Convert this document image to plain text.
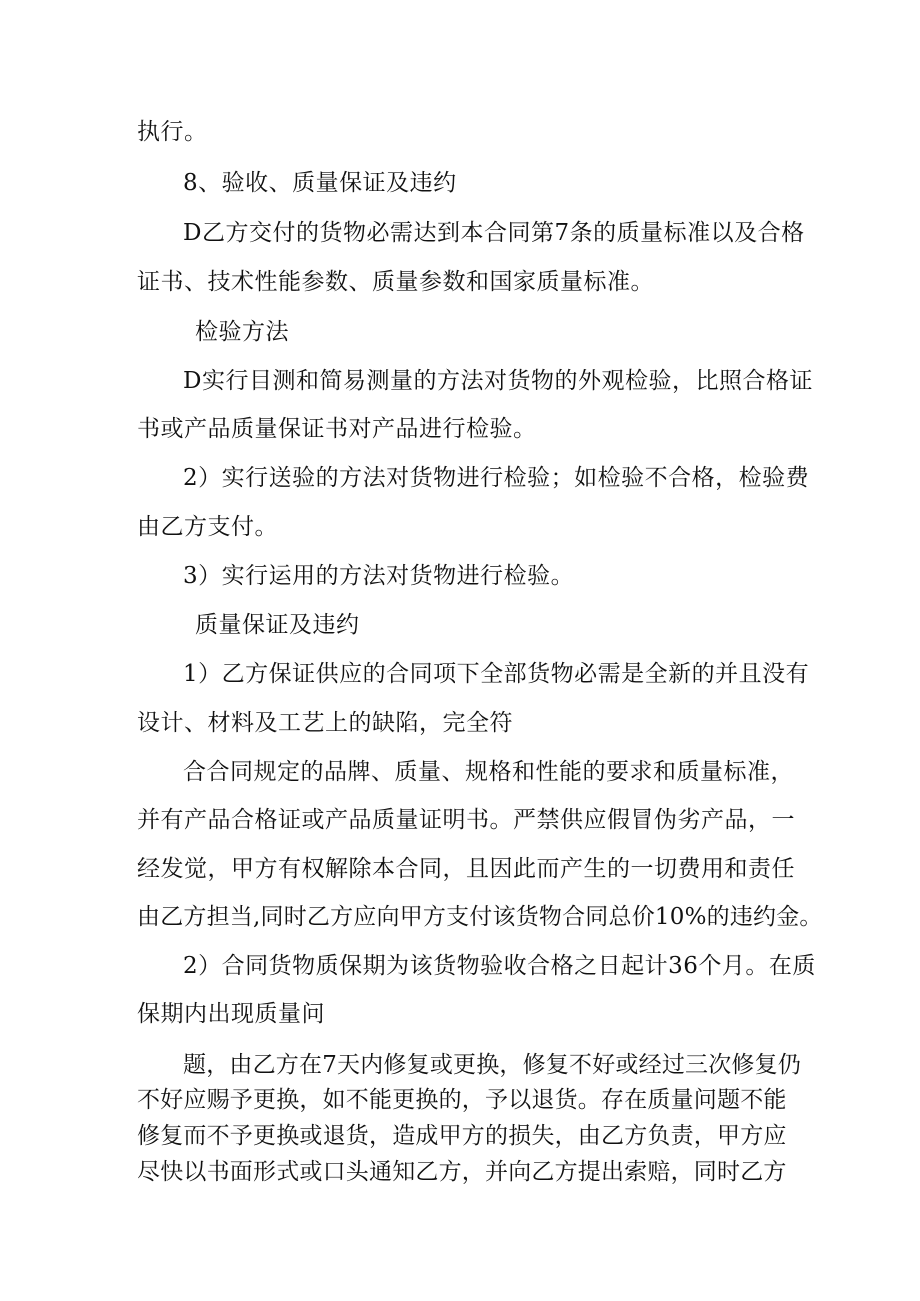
执行。
8、验收、质量保证及违约
D乙方交付的货物必需达到本合同第7条的质量标准以及合格
证书、技术性能参数、质量参数和国家质量标准。
检验方法
D实行目测和简易测量的方法对货物的外观检验，比照合格证
书或产品质量保证书对产品进行检验。
2）实行送验的方法对货物进行检验；如检验不合格，检验费
由乙方支付。
3）实行运用的方法对货物进行检验。
质量保证及违约
1）乙方保证供应的合同项下全部货物必需是全新的并且没有
设计、材料及工艺上的缺陷，完全符
合合同规定的品牌、质量、规格和性能的要求和质量标准，
并有产品合格证或产品质量证明书。严禁供应假冒伪劣产品，一
经发觉，甲方有权解除本合同，且因此而产生的一切费用和责任
由乙方担当,同时乙方应向甲方支付该货物合同总价10%的违约金。
2）合同货物质保期为该货物验收合格之日起计36个月。在质
保期内出现质量问
题，由乙方在7天内修复或更换，修复不好或经过三次修复仍
不好应赐予更换，如不能更换的，予以退货。存在质量问题不能
修复而不予更换或退货，造成甲方的损失，由乙方负责，甲方应
尽快以书面形式或口头通知乙方，并向乙方提出索赔，同时乙方
